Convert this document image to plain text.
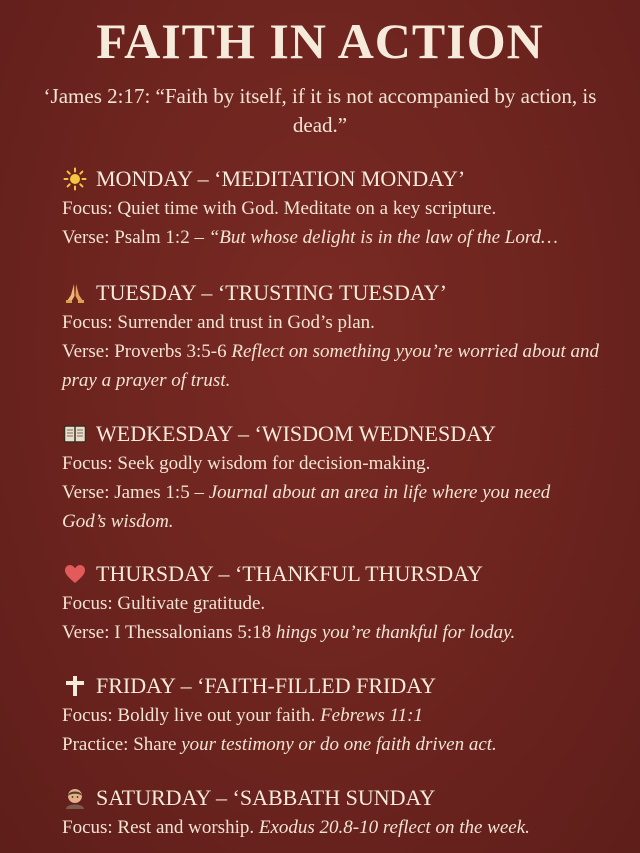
FAITH IN ACTION
‘James 2:17: “Faith by itself, if it is not accompanied by action, is dead.”
MONDAY – ‘MEDITATION MONDAY’
Focus: Quiet time with God. Meditate on a key scripture.
Verse: Psalm 1:2 – “But whose delight is in the law of the Lord…
TUESDAY – ‘TRUSTING TUESDAY’
Focus: Surrender and trust in God’s plan.
Verse: Proverbs 3:5-6 Reflect on something yyou’re worried about and pray a prayer of trust.
WEDKESDAY – ‘WISDOM WEDNESDAY
Focus: Seek godly wisdom for decision-making.
Verse: James 1:5 – Journal about an area in life where you need God’s wisdom.
THURSDAY – ‘THANKFUL THURSDAY
Focus: Gultivate gratitude.
Verse: I Thessalonians 5:18 hings you’re thankful for loday.
FRIDAY – ‘FAITH-FILLED FRIDAY
Focus: Boldly live out your faith. Febrews 11:1
Practice: Share your testimony or do one faith driven act.
SATURDAY – ‘SABBATH SUNDAY
Focus: Rest and worship. Exodus 20.8-10 reflect on the week.
